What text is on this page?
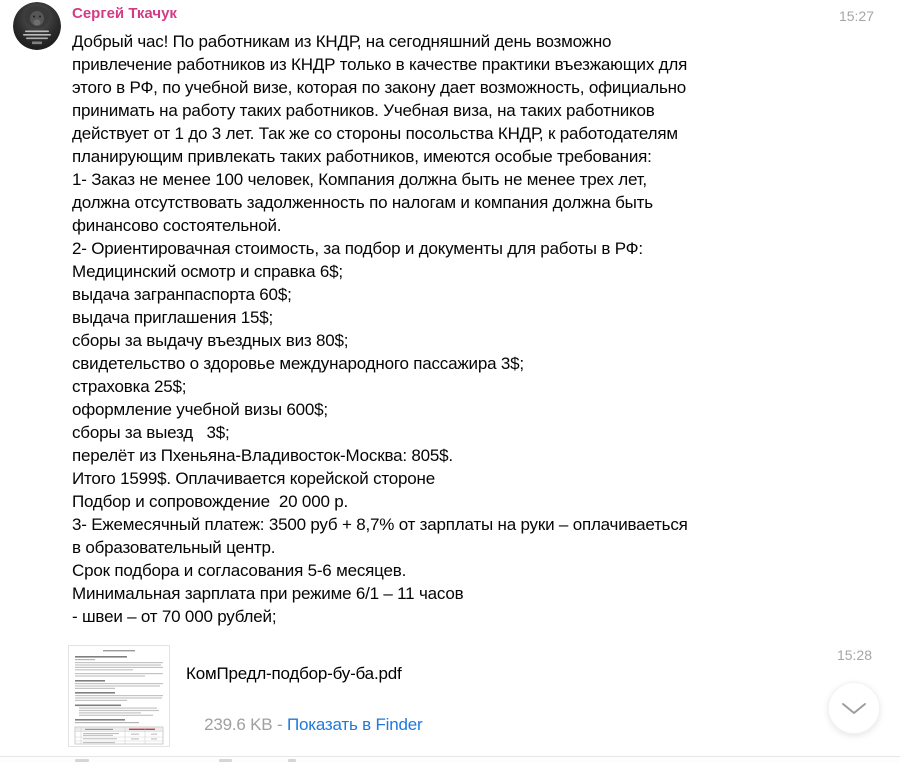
Сергей Ткачук	15:27
Добрый час! По работникам из КНДР, на сегодняшний день возможно
привлечение работников из КНДР только в качестве практики въезжающих для
этого в РФ, по учебной визе, которая по закону дает возможность, официально
принимать на работу таких работников. Учебная виза, на таких работников
действует от 1 до 3 лет. Так же со стороны посольства КНДР, к работодателям
планирующим привлекать таких работников, имеются особые требования:
1- Заказ не менее 100 человек, Компания должна быть не менее трех лет,
должна отсутствовать задолженность по налогам и компания должна быть
финансово состоятельной.
2- Ориентировачная стоимость, за подбор и документы для работы в РФ:
Медицинский осмотр и справка 6$;
выдача загранпаспорта 60$;
выдача приглашения 15$;
сборы за выдачу въездных виз 80$;
свидетельство о здоровье международного пассажира 3$;
страховка 25$;
оформление учебной визы 600$;
сборы за выезд   3$;
перелёт из Пхеньяна-Владивосток-Москва: 805$.
Итого 1599$. Оплачивается корейской стороне
Подбор и сопровождение  20 000 р.
3- Ежемесячный платеж: 3500 руб + 8,7% от зарплаты на руки – оплачиваеться
в образовательный центр.
Срок подбора и согласования 5-6 месяцев.
Минимальная зарплата при режиме 6/1 – 11 часов
- швеи – от 70 000 рублей;
КомПредл-подбор-бу-ба.pdf

239.6 KB - Показать в Finder

15:28
